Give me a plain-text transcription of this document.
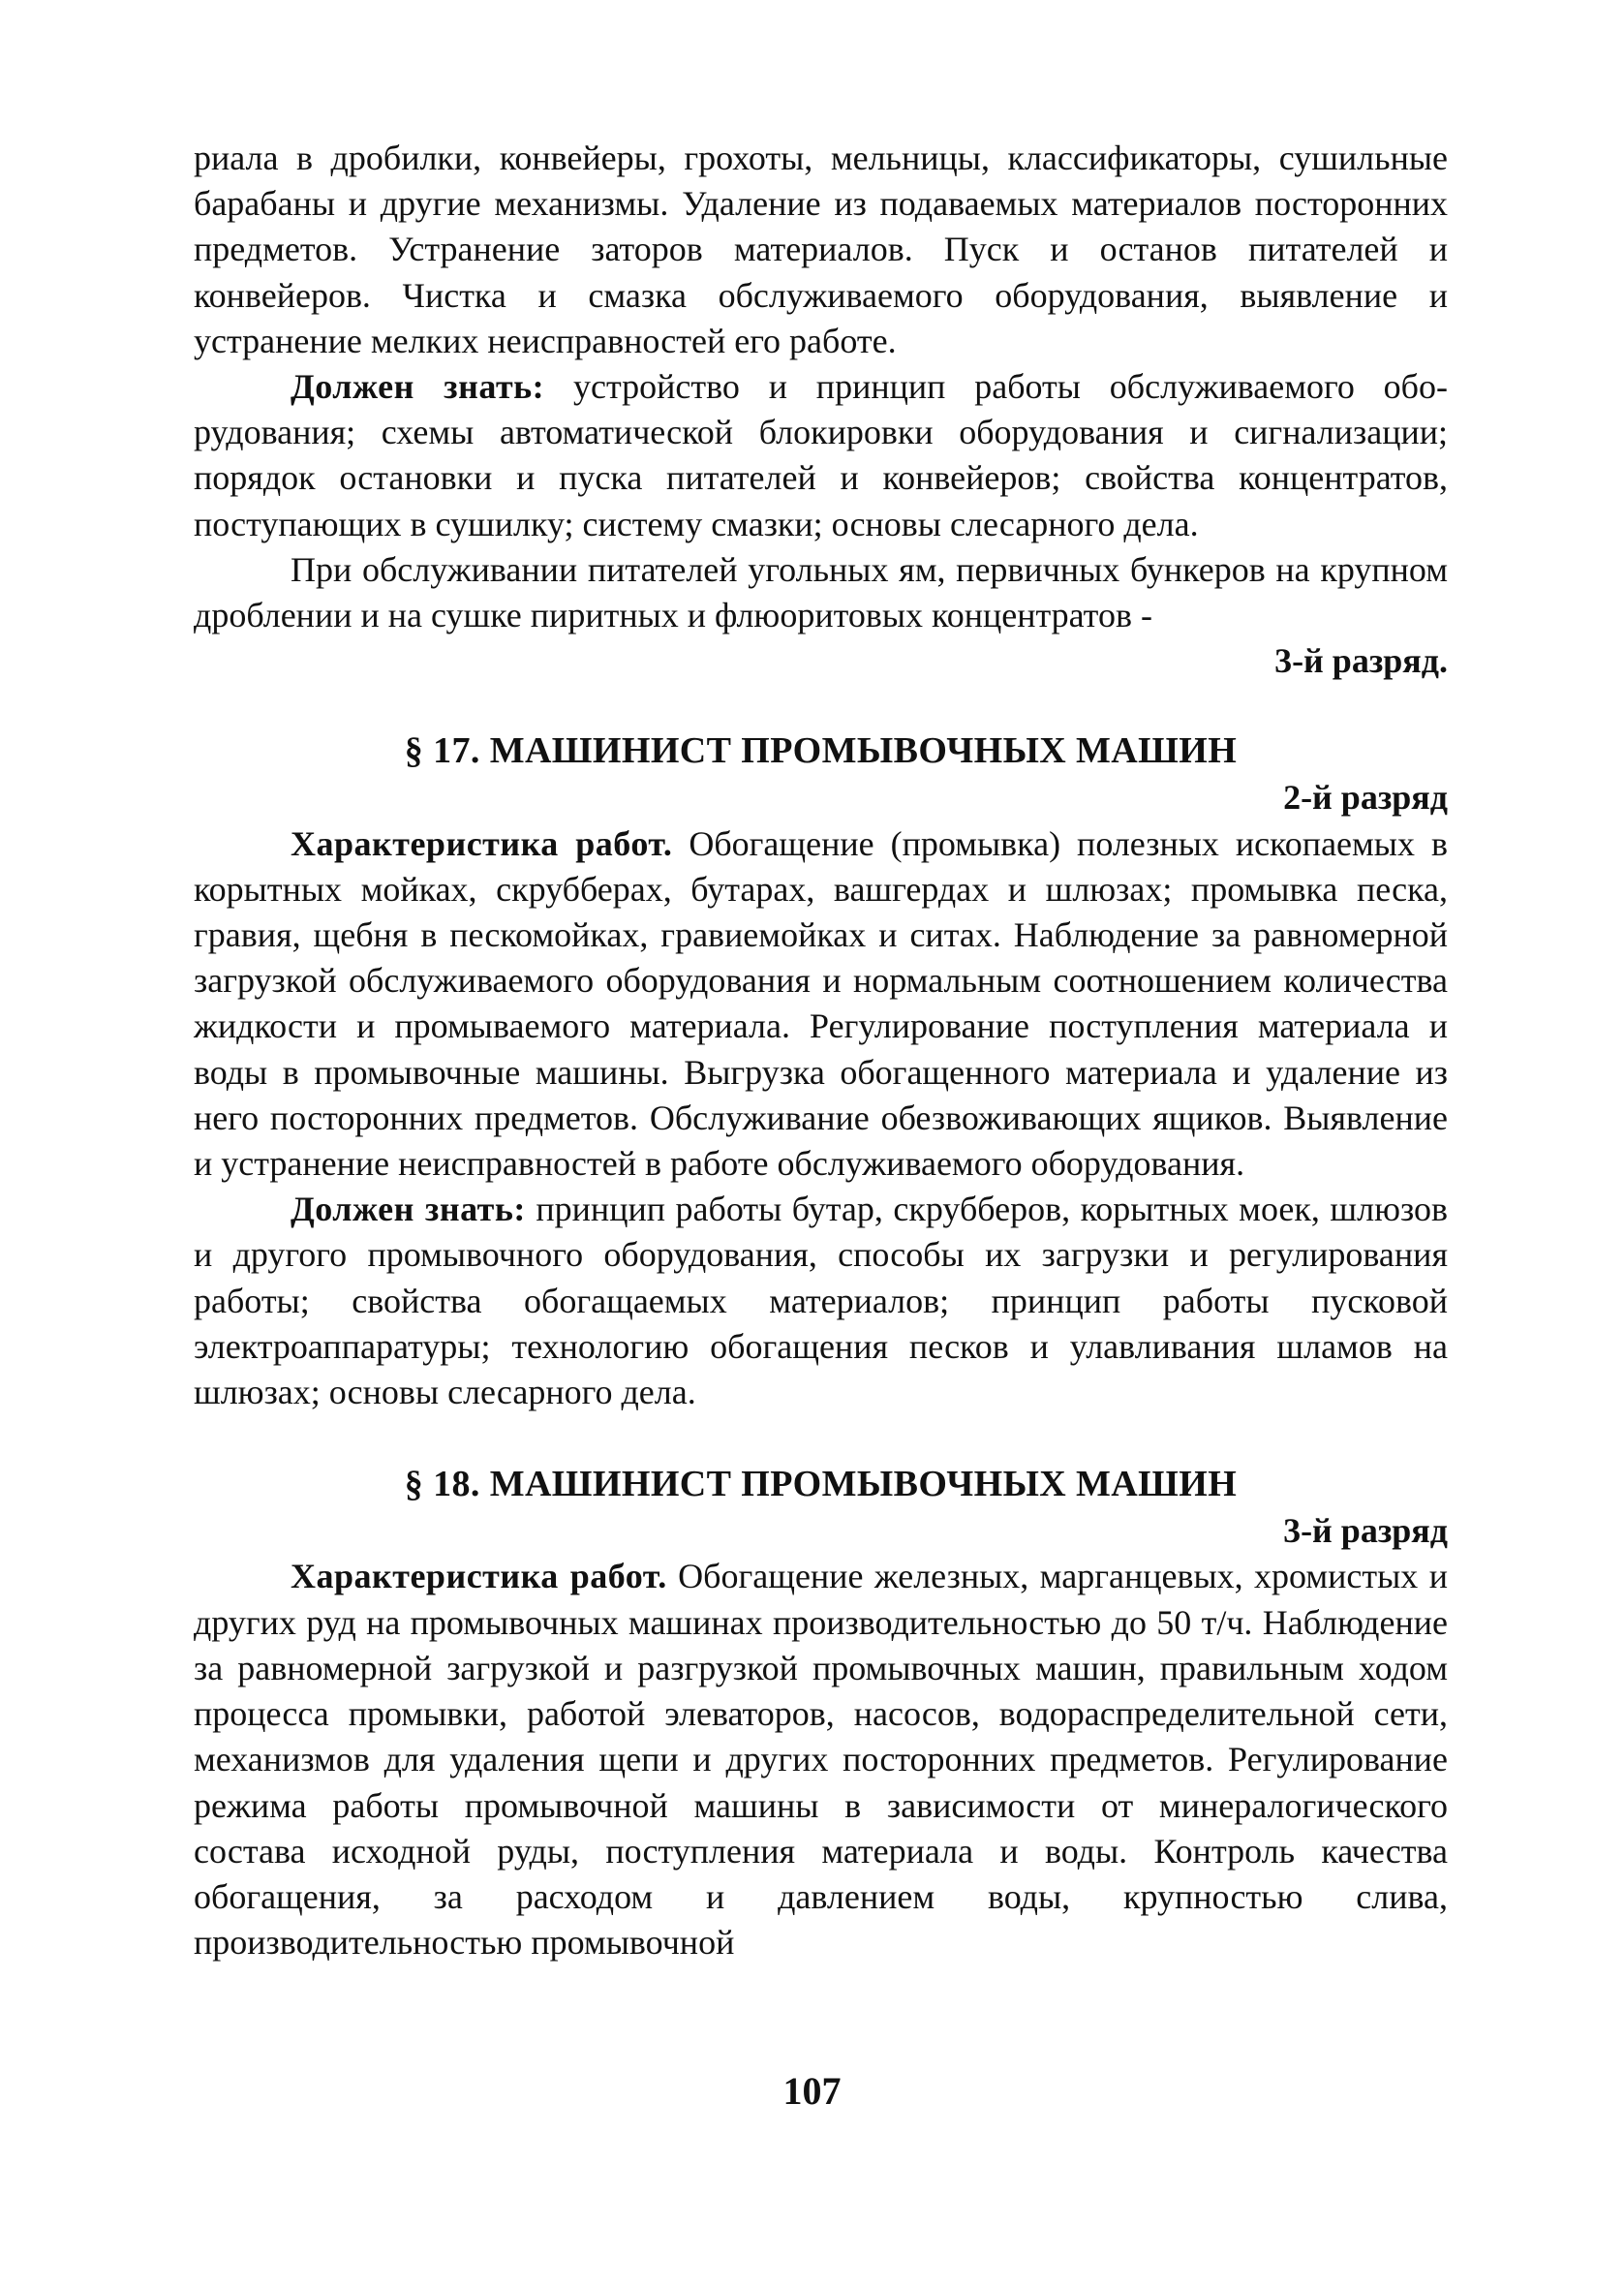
риала в дробилки, конвейеры, грохоты, мельницы, классификаторы, сушильные барабаны и другие механизмы. Удаление из подаваемых материалов посторонних предметов. Устранение заторов материалов. Пуск и останов питателей и конвейеров. Чистка и смазка обслуживаемого оборудования, выявление и устранение мелких неисправностей его работе.

Должен знать: устройство и принцип работы обслуживаемого оборудования; схемы автоматической блокировки оборудования и сигнализации; порядок остановки и пуска питателей и конвейеров; свойства концентратов, поступающих в сушилку; систему смазки; основы слесарного дела.

При обслуживании питателей угольных ям, первичных бункеров на крупном дроблении и на сушке пиритных и флюоритовых концентратов -

3-й разряд.
§ 17. МАШИНИСТ ПРОМЫВОЧНЫХ МАШИН
2-й разряд

Характеристика работ. Обогащение (промывка) полезных ископаемых в корытных мойках, скрубберах, бутарах, вашгердах и шлюзах; промывка песка, гравия, щебня в пескомойках, гравиемойках и ситах. Наблюдение за равномерной загрузкой обслуживаемого оборудования и нормальным соотношением количества жидкости и промываемого материала. Регулирование поступления материала и воды в промывочные машины. Выгрузка обогащенного материала и удаление из него посторонних предметов. Обслуживание обезвоживающих ящиков. Выявление и устранение неисправностей в работе обслуживаемого оборудования.

Должен знать: принцип работы бутар, скрубберов, корытных моек, шлюзов и другого промывочного оборудования, способы их загрузки и регулирования работы; свойства обогащаемых материалов; принцип работы пусковой электроаппаратуры; технологию обогащения песков и улавливания шламов на шлюзах; основы слесарного дела.

§ 18. МАШИНИСТ ПРОМЫВОЧНЫХ МАШИН
3-й разряд

Характеристика работ. Обогащение железных, марганцевых, хромистых и других руд на промывочных машинах производительностью до 50 т/ч. Наблюдение за равномерной загрузкой и разгрузкой промывочных машин, правильным ходом процесса промывки, работой элеваторов, насосов, водораспределительной сети, механизмов для удаления щепи и других посторонних предметов. Регулирование режима работы промывочной машины в зависимости от минералогического состава исходной руды, поступления материала и воды. Контроль качества обогащения, за расходом и давлением воды, крупностью слива, производительностью промывочной

107
